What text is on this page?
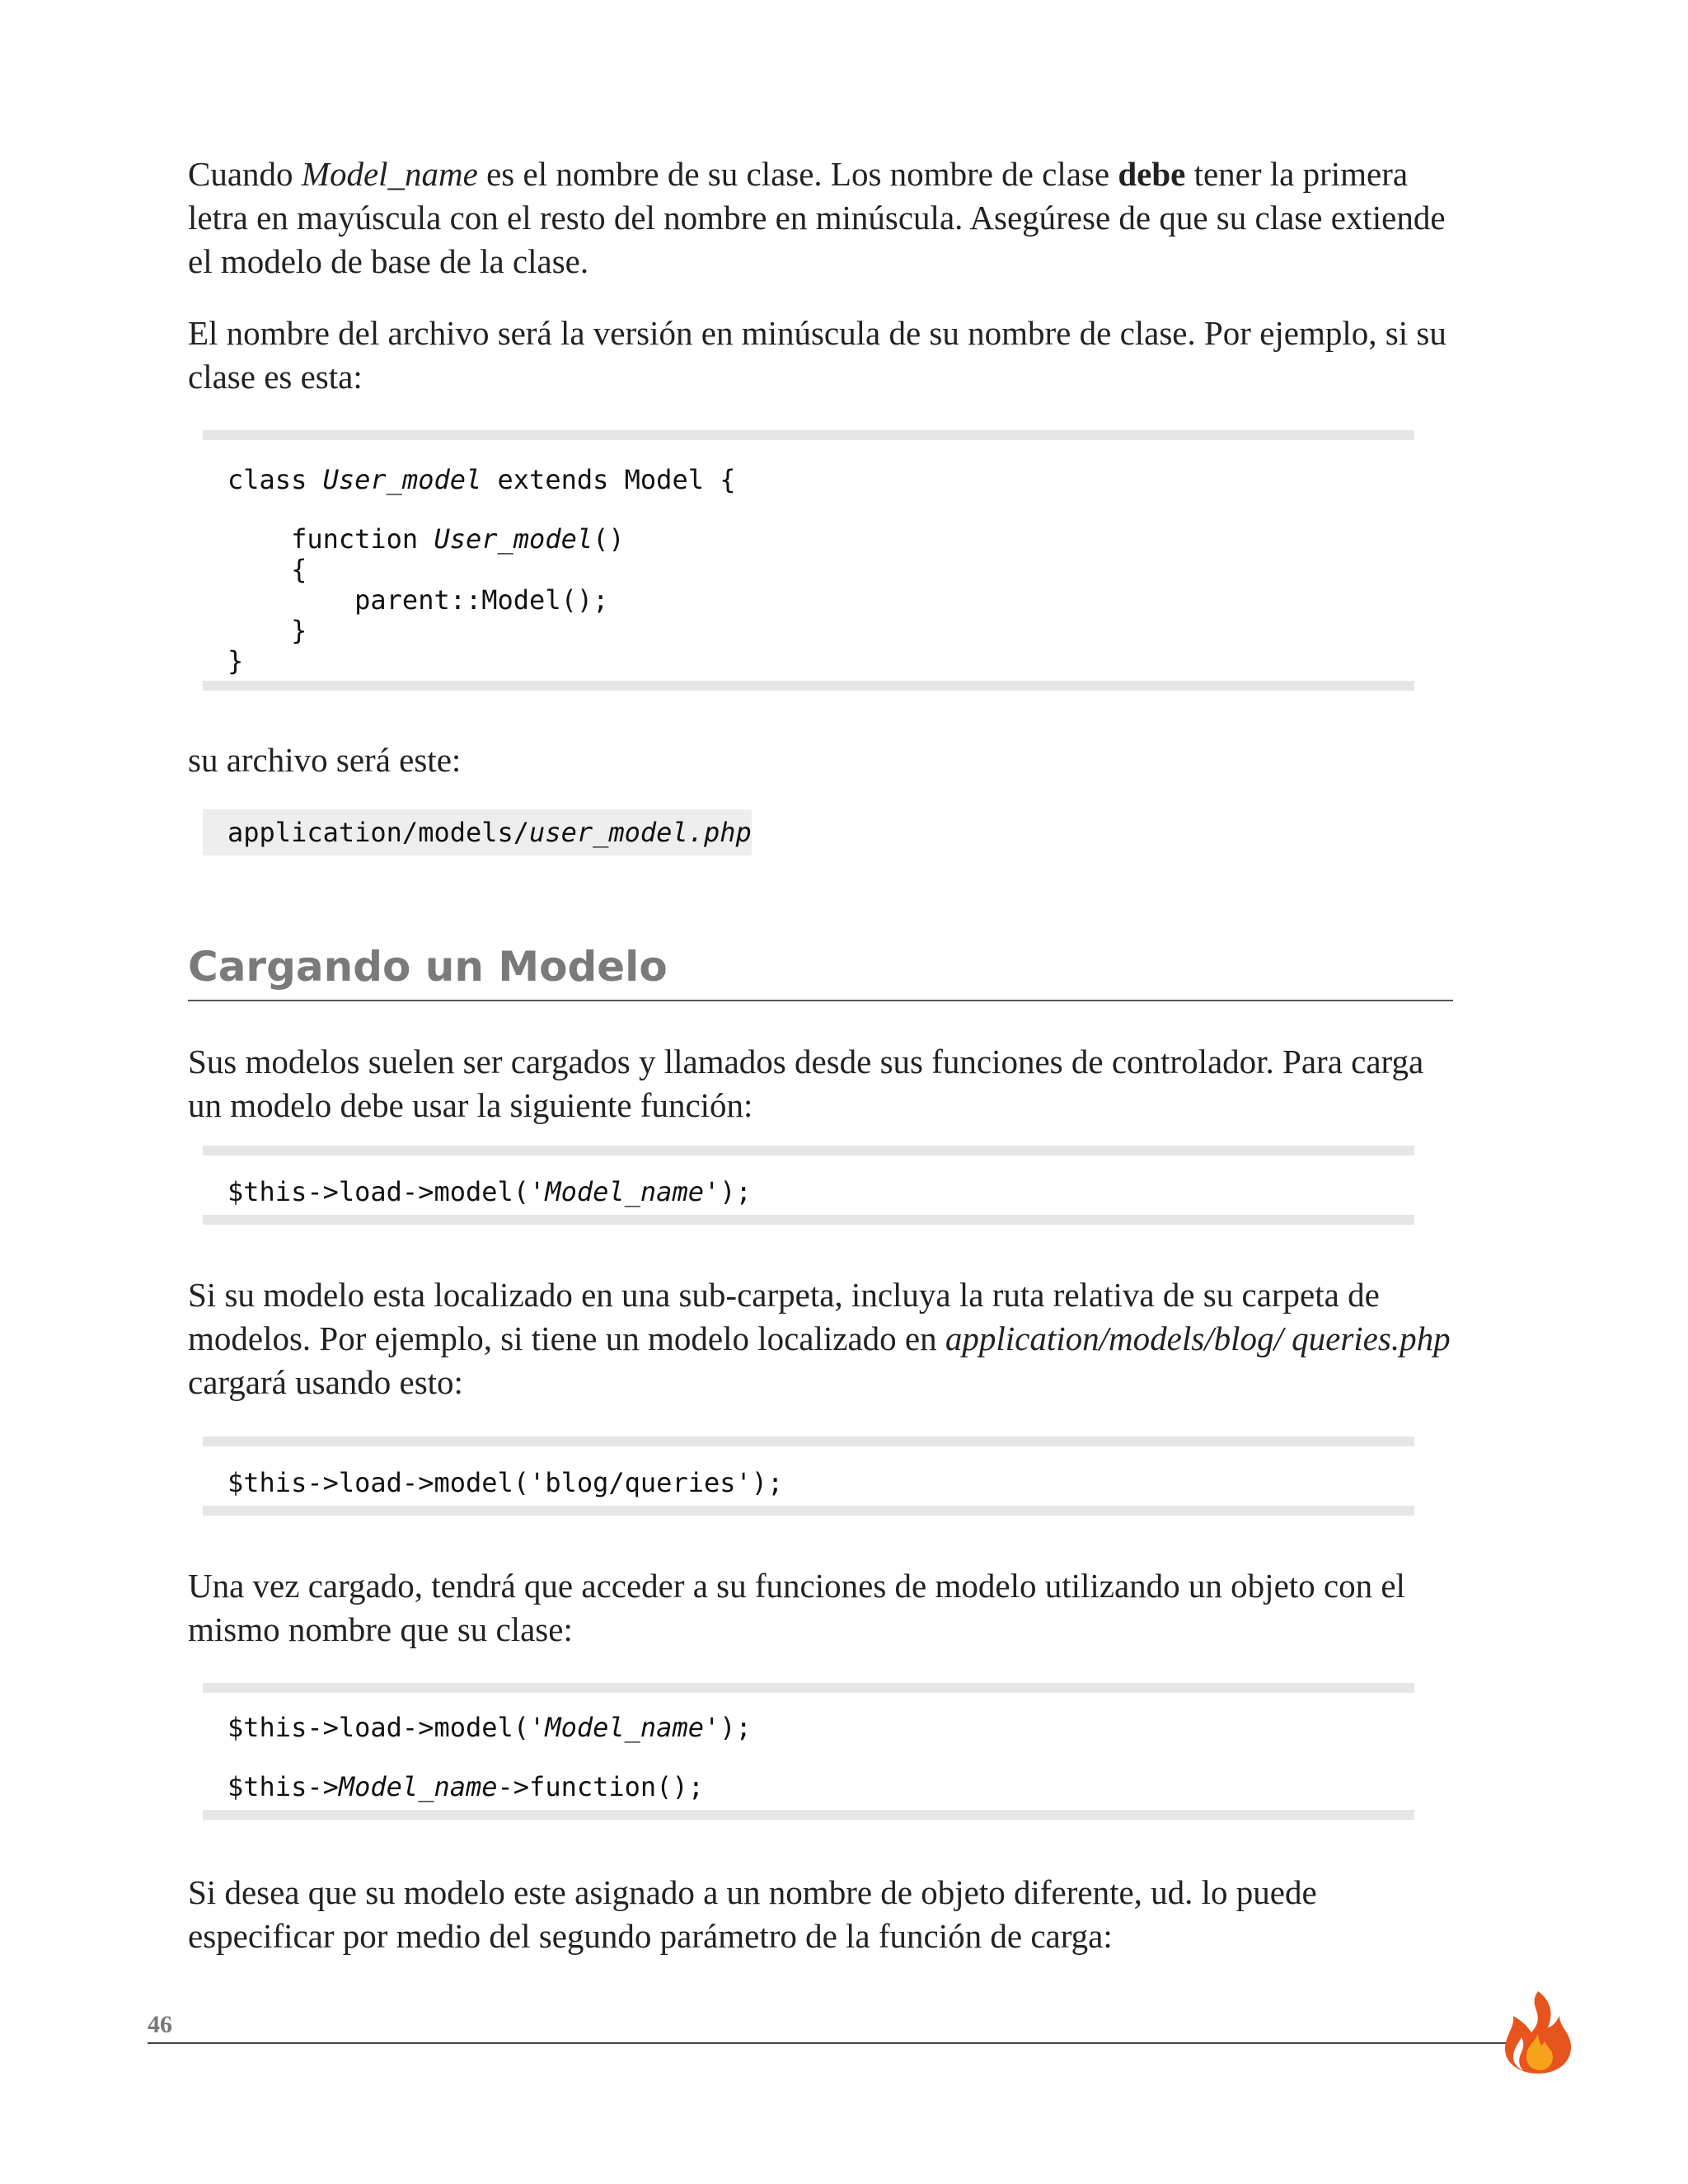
Cuando Model_name es el nombre de su clase. Los nombre de clase debe tener la primera letra en mayúscula con el resto del nombre en minúscula. Asegúrese de que su clase extiende el modelo de base de la clase.

El nombre del archivo será la versión en minúscula de su nombre de clase. Por ejemplo, si su clase es esta:

class User_model extends Model {
function User_model()
{
parent::Model();
}
}

su archivo será este:

application/models/user_model.php
Cargando un Modelo

Sus modelos suelen ser cargados y llamados desde sus funciones de controlador. Para carga un modelo debe usar la siguiente función:

$this->load->model('Model_name');

Si su modelo esta localizado en una sub-carpeta, incluya la ruta relativa de su carpeta de modelos. Por ejemplo, si tiene un modelo localizado en application/models/blog/ queries.php cargará usando esto:

$this->load->model('blog/queries');

Una vez cargado, tendrá que acceder a su funciones de modelo utilizando un objeto con el mismo nombre que su clase:

$this->load->model('Model_name');
$this->Model_name->function();

Si desea que su modelo este asignado a un nombre de objeto diferente, ud. lo puede especificar por medio del segundo parámetro de la función de carga:

46
